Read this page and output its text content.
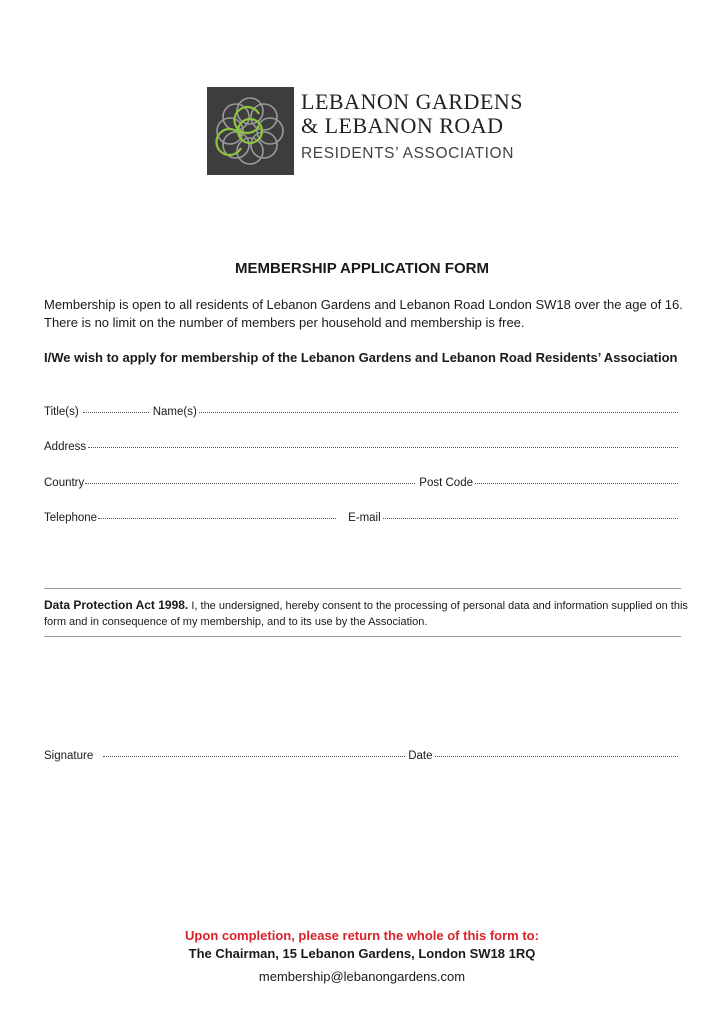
LEBANON GARDENS
& LEBANON ROAD
RESIDENTS’ ASSOCIATION
MEMBERSHIP APPLICATION FORM
Membership is open to all residents of Lebanon Gardens and Lebanon Road London SW18 over the age of 16.
There is no limit on the number of members per household and membership is free.
I/We wish to apply for membership of the Lebanon Gardens and Lebanon Road Residents’ Association
Title(s)	Name(s)
Address
Country	Post Code
Telephone	E-mail
Data Protection Act 1998. I, the undersigned, hereby consent to the processing of personal data and information supplied on this form and in consequence of my membership, and to its use by the Association.
Signature	Date
Upon completion, please return the whole of this form to:
The Chairman, 15 Lebanon Gardens, London SW18 1RQ
membership@lebanongardens.com
